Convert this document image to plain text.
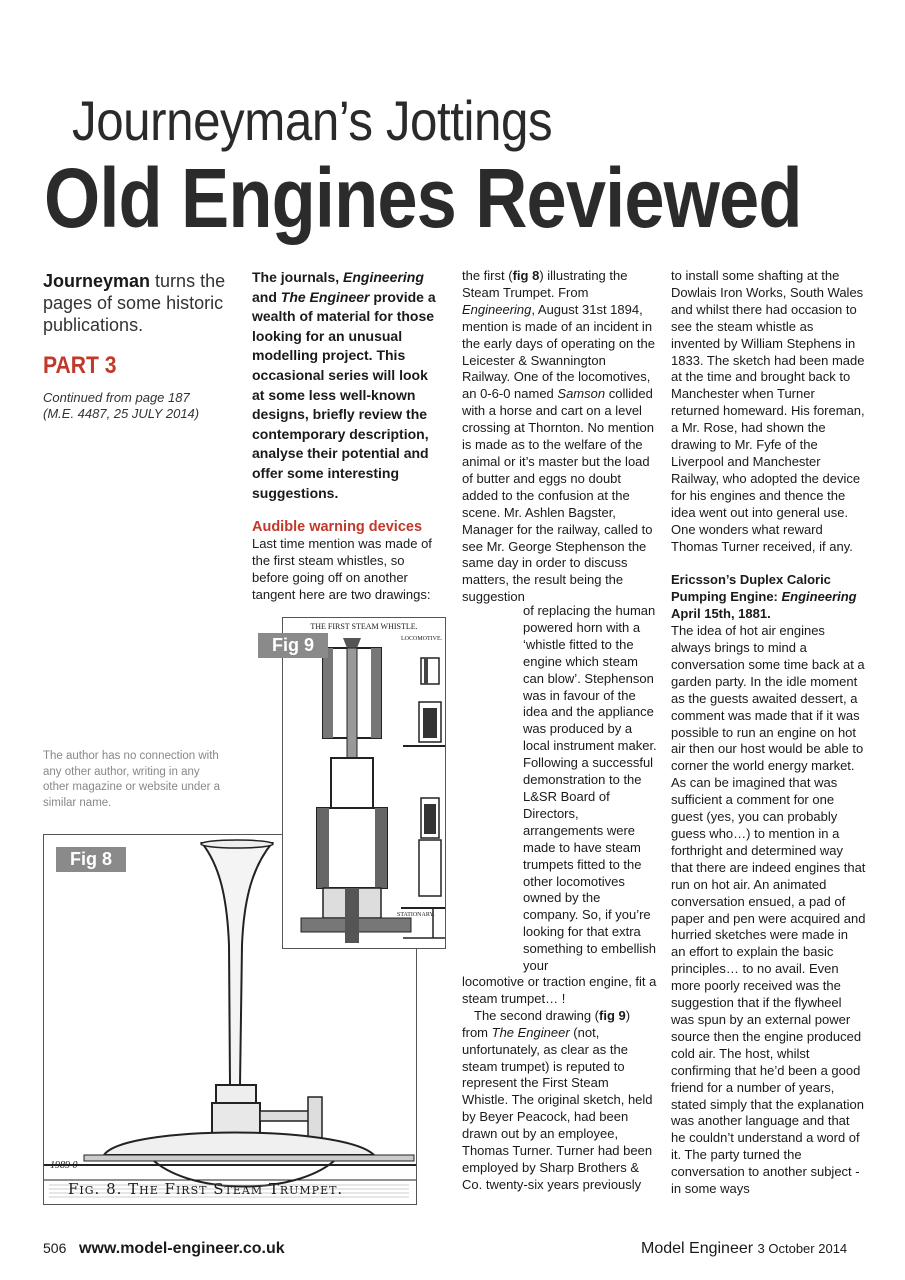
Journeyman’s Jottings
Old Engines Reviewed
Journeyman turns the pages of some historic publications.
PART 3
Continued from page 187
(M.E. 4487, 25 JULY 2014)
The author has no connection with any other author, writing in any other magazine or website under a similar name.
The journals, Engineering and The Engineer provide a wealth of material for those looking for an unusual modelling project. This occasional series will look at some less well-known designs, briefly review the contemporary description, analyse their potential and offer some interesting suggestions.
Audible warning devices

Last time mention was made of the first steam whistles, so before going off on another tangent here are two drawings:

the first (fig 8) illustrating the Steam Trumpet. From Engineering, August 31st 1894, mention is made of an incident in the early days of operating on the Leicester & Swannington Railway. One of the locomotives, an 0-6-0 named Samson collided with a horse and cart on a level crossing at Thornton. No mention is made as to the welfare of the animal or it’s master but the load of butter and eggs no doubt added to the confusion at the scene. Mr. Ashlen Bagster, Manager for the railway, called to see Mr. George Stephenson the same day in order to discuss matters, the result being the suggestion

of replacing the human powered horn with a ‘whistle fitted to the engine which steam can blow’. Stephenson was in favour of the idea and the appliance was produced by a local instrument maker. Following a successful demonstration to the L&SR Board of Directors, arrangements were made to have steam trumpets fitted to the other locomotives owned by the company. So, if you’re looking for that extra something to embellish your

locomotive or traction engine, fit a steam trumpet… !

The second drawing (fig 9) from The Engineer (not, unfortunately, as clear as the steam trumpet) is reputed to represent the First Steam Whistle. The original sketch, held by Beyer Peacock, had been drawn out by an employee, Thomas Turner. Turner had been employed by Sharp Brothers & Co. twenty-six years previously

to install some shafting at the Dowlais Iron Works, South Wales and whilst there had occasion to see the steam whistle as invented by William Stephens in 1833. The sketch had been made at the time and brought back to Manchester when Turner returned homeward. His foreman, a Mr. Rose, had shown the drawing to Mr. Fyfe of the Liverpool and Manchester Railway, who adopted the device for his engines and thence the idea went out into general use. One wonders what reward Thomas Turner received, if any.

Ericsson’s Duplex Caloric Pumping Engine: Engineering April 15th, 1881.

The idea of hot air engines always brings to mind a conversation some time back at a garden party. In the idle moment as the guests awaited dessert, a comment was made that if it was possible to run an engine on hot air then our host would be able to corner the world energy market. As can be imagined that was sufficient a comment for one guest (yes, you can probably guess who…) to mention in a forthright and determined way that there are indeed engines that run on hot air. An animated conversation ensued, a pad of paper and pen were acquired and hurried sketches were made in an effort to explain the basic principles… to no avail. Even more poorly received was the suggestion that if the flywheel was spun by an external power source then the engine produced cold air. The host, whilst confirming that he’d been a good friend for a number of years, stated simply that the explanation was another language and that he couldn’t understand a word of it. The party turned the conversation to another subject - in some ways

Fig 8
1989 0
Fig. 8. The First Steam Trumpet.
THE FIRST STEAM WHISTLE.
LOCOMOTIVE.
STATIONARY.
Fig 9
506 www.model-engineer.co.uk	Model Engineer 3 October 2014
